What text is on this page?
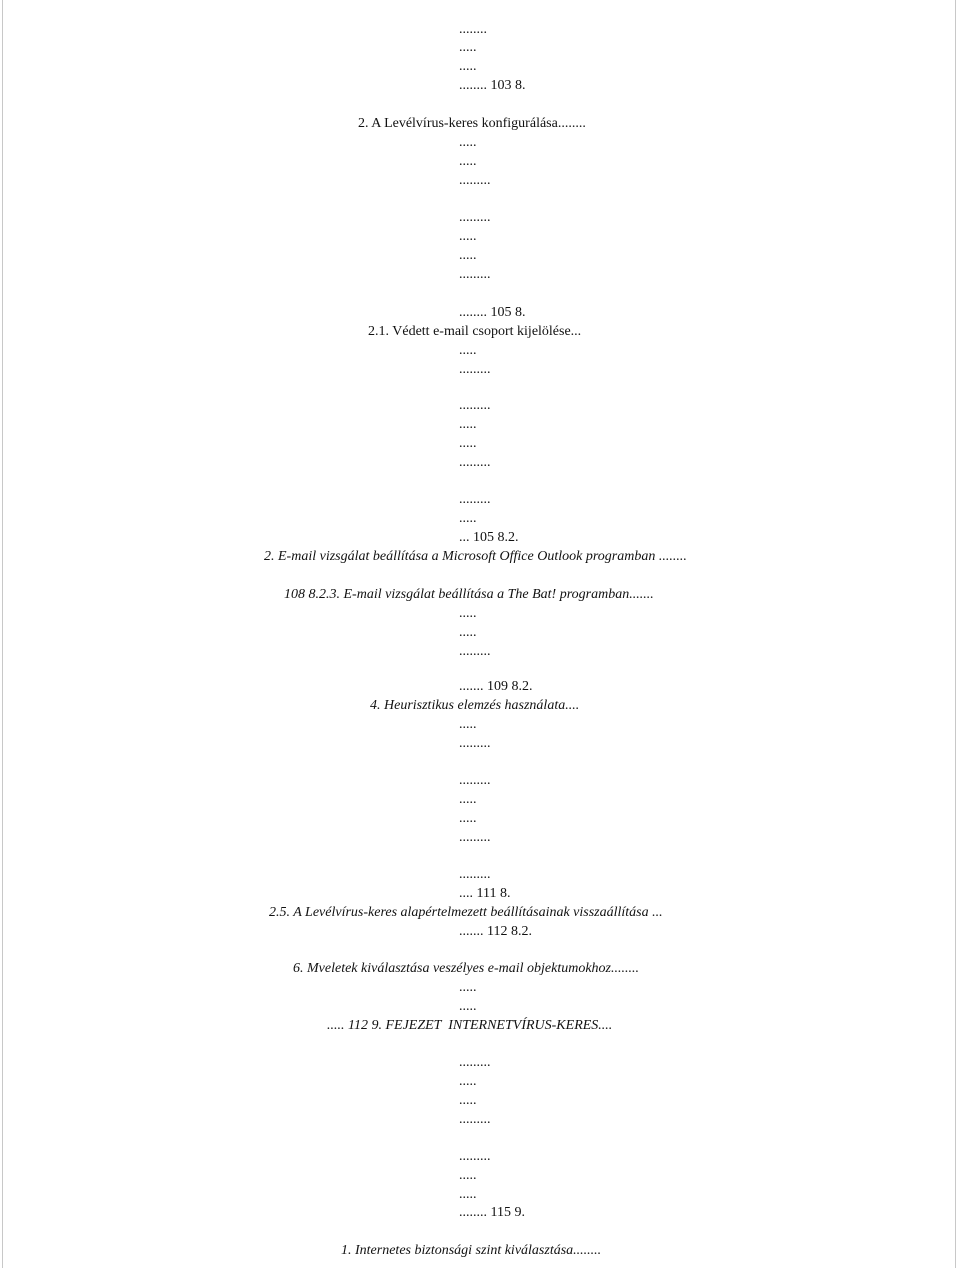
........
.....
.....
........ 103 8.
2. A Levélvírus-keres konfigurálása........
.....
.....
.........
.........
.....
.....
.........
........ 105 8.
2.1. Védett e-mail csoport kijelölése...
.....
.........
.........
.....
.....
.........
.........
.....
... 105 8.2.
2. E-mail vizsgálat beállítása a Microsoft Office Outlook programban ........
108 8.2.3. E-mail vizsgálat beállítása a The Bat! programban.......
.....
.....
.........
....... 109 8.2.
4. Heurisztikus elemzés használata....
.....
.........
.........
.....
.....
.........
.........
.... 111 8.
2.5. A Levélvírus-keres alapértelmezett beállításainak visszaállítása ...
....... 112 8.2.
6. Mveletek kiválasztása veszélyes e-mail objektumokhoz........
.....
.....
..... 112 9. FEJEZET  INTERNETVÍRUS-KERES....
.........
.....
.....
.........
.........
.....
.....
........ 115 9.
1. Internetes biztonsági szint kiválasztása........
